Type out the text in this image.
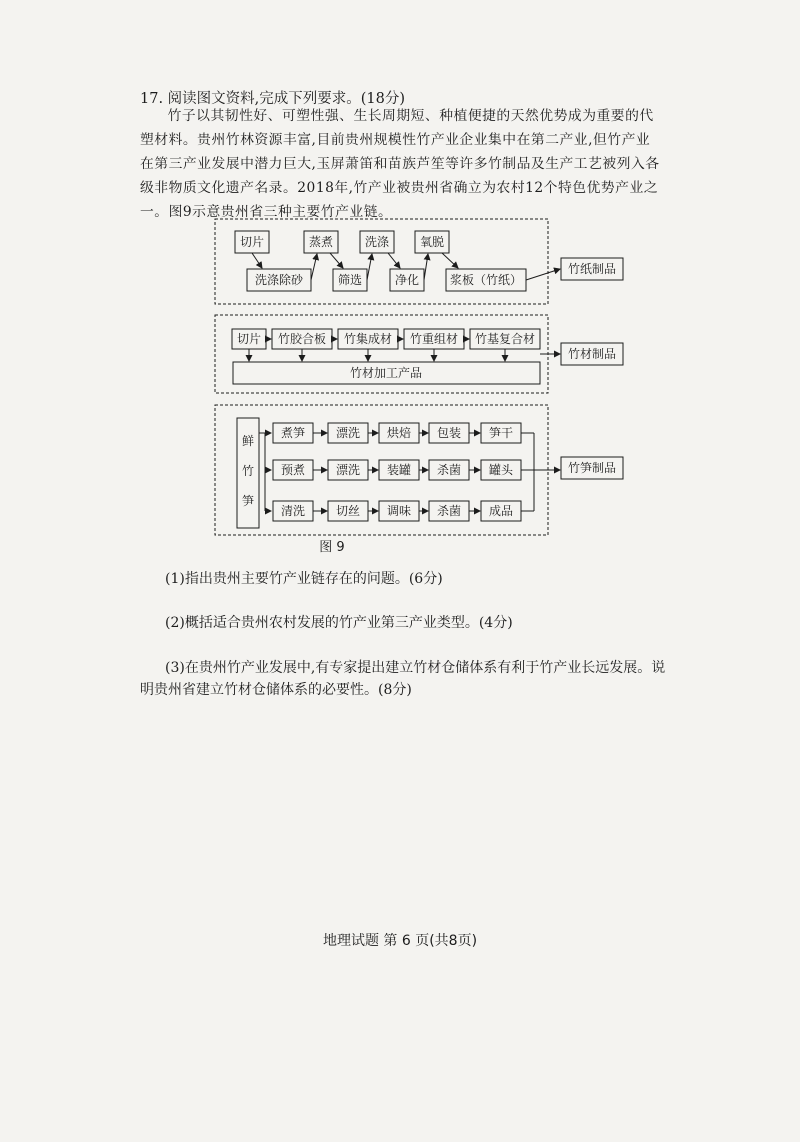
17. 阅读图文资料,完成下列要求。(18分)
竹子以其韧性好、可塑性强、生长周期短、种植便捷的天然优势成为重要的代塑材料。贵州竹林资源丰富,目前贵州规模性竹产业企业集中在第二产业,但竹产业在第三产业发展中潜力巨大,玉屏萧笛和苗族芦笙等许多竹制品及生产工艺被列入各级非物质文化遗产名录。2018年,竹产业被贵州省确立为农村12个特色优势产业之一。图9示意贵州省三种主要竹产业链。
切片	蒸煮	洗涤	氧脱
洗涤除砂	筛选	净化	浆板（竹纸）
竹纸制品
切片 竹胶合板 竹集成材 竹重组材 竹基复合材
竹材加工产品
竹材制品
鲜
竹
笋
煮笋	漂洗 烘焙 包装 笋干
预煮	漂洗 装罐 杀菌 罐头
清洗	切丝 调味 杀菌 成品
竹笋制品
图 9
(1)指出贵州主要竹产业链存在的问题。(6分)
(2)概括适合贵州农村发展的竹产业第三产业类型。(4分)
(3)在贵州竹产业发展中,有专家提出建立竹材仓储体系有利于竹产业长远发展。说
明贵州省建立竹材仓储体系的必要性。(8分)
地理试题 第 6 页(共8页)
